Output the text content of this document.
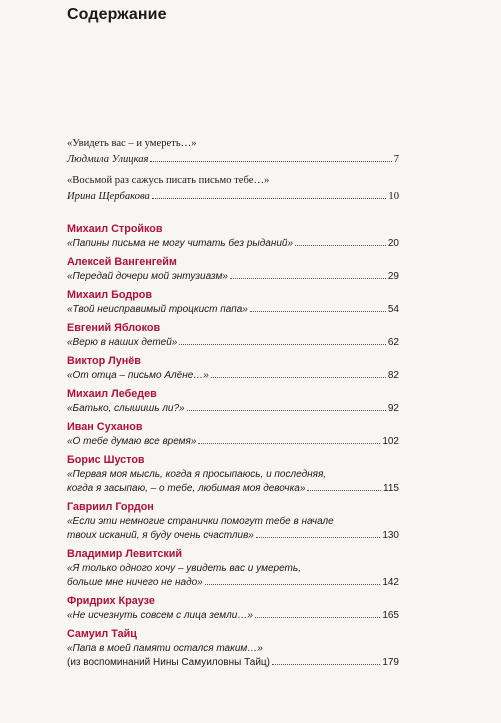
Содержание
«Увидеть вас – и умереть…»
Людмила Улицкая	7
«Восьмой раз сажусь писать письмо тебе…»
Ирина Щербакова	10
Михаил Стройков
«Папины письма не могу читать без рыданий»	20
Алексей Вангенгейм
«Передай дочери мой энтузиазм»	29
Михаил Бодров
«Твой неисправимый троцкист папа»	54
Евгений Яблоков
«Верю в наших детей»	62
Виктор Лунёв
«От отца – письмо Алёне…»	82
Михаил Лебедев
«Батько, слышишь ли?»	92
Иван Суханов
«О тебе думаю все время»	102
Борис Шустов
«Первая моя мысль, когда я просыпаюсь, и последняя,
когда я засыпаю, – о тебе, любимая моя девочка»	115
Гавриил Гордон
«Если эти немногие странички помогут тебе в начале
твоих исканий, я буду очень счастлив»	130
Владимир Левитский
«Я только одного хочу – увидеть вас и умереть,
больше мне ничего не надо»	142
Фридрих Краузе
«Не исчезнуть совсем с лица земли…»	165
Самуил Тайц
«Папа в моей памяти остался таким…»
(из воспоминаний Нины Самуиловны Тайц)	179
